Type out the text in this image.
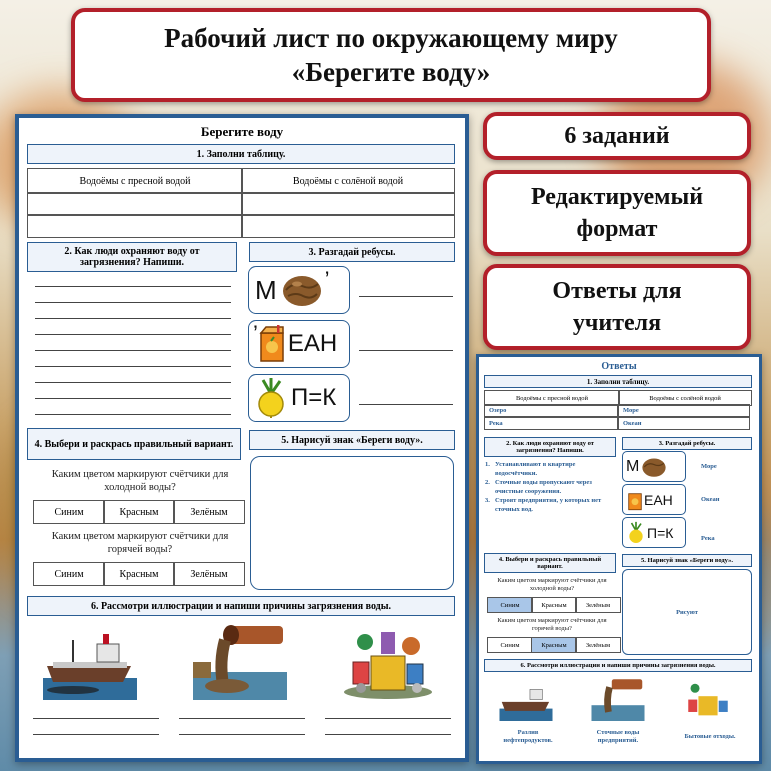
Рабочий лист по окружающему миру
«Берегите воду»
6 заданий
Редактируемый
формат
Ответы для
учителя
Берегите воду
1. Заполни таблицу.
Водоёмы с пресной водой	Водоёмы с солёной водой
2. Как люди охраняют воду от загрязнения? Напиши.
3. Разгадай ребусы.
М ’
’ ЕАН
П=К
4. Выбери и раскрась правильный вариант.
Каким цветом маркируют счётчики для холодной воды?
Синим	Красным	Зелёным
Каким цветом маркируют счётчики для горячей воды?
Синим	Красным	Зелёным
5. Нарисуй знак «Береги воду».
6. Рассмотри иллюстрации и напиши причины загрязнения воды.
Ответы
1. Заполни таблицу.
Водоёмы с пресной водой	Водоёмы с солёной водой
Озеро	Море
Река	Океан
2. Как люди охраняют воду от загрязнения? Напиши.
1. Устанавливают в квартире водосчётчики.
2. Сточные воды пропускают через очистные сооружения.
3. Строят предприятия, у которых нет сточных вод.
3. Разгадай ребусы.
М	Море
ЕАН	Океан
П=К	Река
4. Выбери и раскрась правильный вариант.
Каким цветом маркируют счётчики для холодной воды?
Синим	Красным	Зелёным
Каким цветом маркируют счётчики для горячей воды?
Синим	Красным	Зелёным
5. Нарисуй знак «Береги воду».
Рисуют
6. Рассмотри иллюстрации и напиши причины загрязнения воды.
Разлив нефтепродуктов.
Сточные воды предприятий.
Бытовые отходы.
